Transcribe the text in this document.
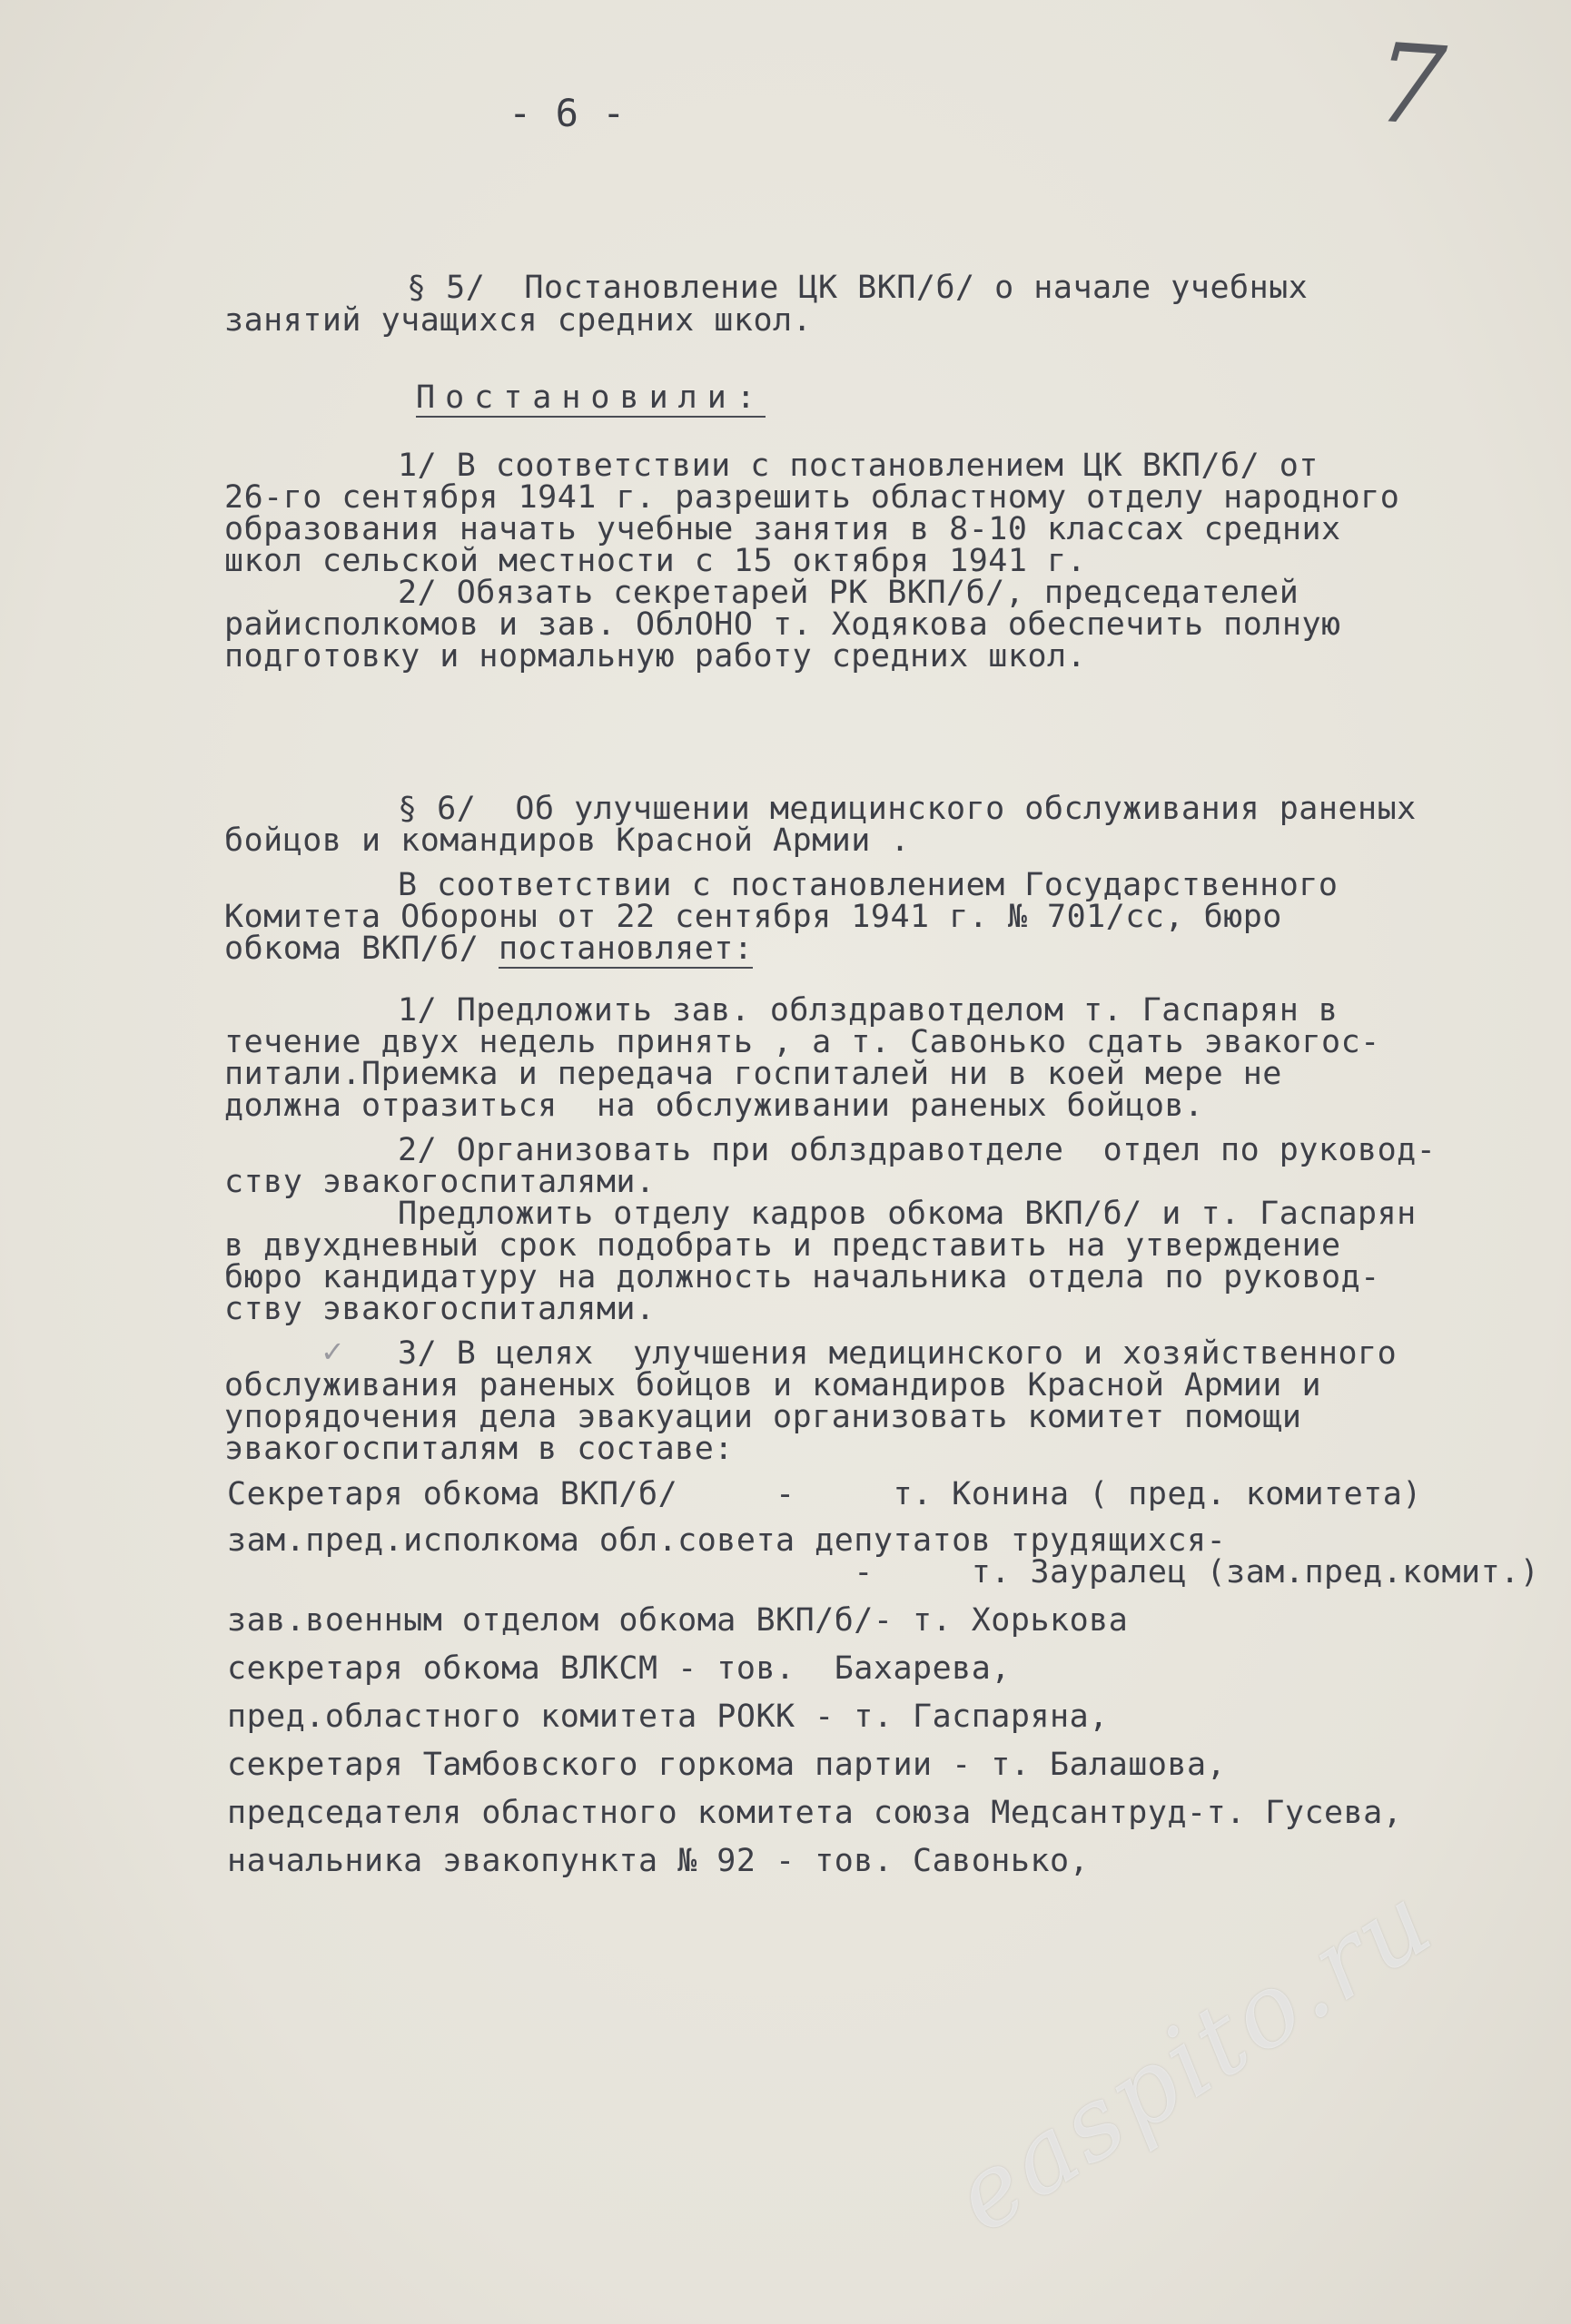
- 6 -	7
§ 5/  Постановление ЦК ВКП/б/ о начале учебных
занятий учащихся средних школ.
Постановили:
1/ В соответствии с постановлением ЦК ВКП/б/ от
26-го сентября 1941 г. разрешить областному отделу народного
образования начать учебные занятия в 8-10 классах средних
школ сельской местности с 15 октября 1941 г.
2/ Обязать секретарей РК ВКП/б/, председателей
райисполкомов и зав. ОблОНО т. Ходякова обеспечить полную
подготовку и нормальную работу средних школ.
§ 6/  Об улучшении медицинского обслуживания раненых
бойцов и командиров Красной Армии .
В соответствии с постановлением Государственного
Комитета Обороны от 22 сентября 1941 г. № 701/сс, бюро
обкома ВКП/б/ постановляет:
1/ Предложить зав. облздравотделом т. Гаспарян в
течение двух недель принять , а т. Савонько сдать эвакогос-
питали.Приемка и передача госпиталей ни в коей мере не
должна отразиться  на обслуживании раненых бойцов.
2/ Организовать при облздравотделе  отдел по руковод-
ству эвакогоспиталями.
Предложить отделу кадров обкома ВКП/б/ и т. Гаспарян
в двухдневный срок подобрать и представить на утверждение
бюро кандидатуру на должность начальника отдела по руковод-
ству эвакогоспиталями.
✓ 3/ В целях  улучшения медицинского и хозяйственного
обслуживания раненых бойцов и командиров Красной Армии и
упорядочения дела эвакуации организовать комитет помощи
эвакогоспиталям в составе:
Секретаря обкома ВКП/б/     -     т. Конина ( пред. комитета)
зам.пред.исполкома обл.совета депутатов трудящихся-
-     т. Зауралец (зам.пред.комит.)
зав.военным отделом обкома ВКП/б/- т. Хорькова
секретаря обкома ВЛКСМ - тов.  Бахарева,
пред.областного комитета РОКК - т. Гаспаряна,
секретаря Тамбовского горкома партии - т. Балашова,
председателя областного комитета союза Медсантруд-т. Гусева,
начальника эвакопункта № 92 - тов. Савонько,
easpito.ru
